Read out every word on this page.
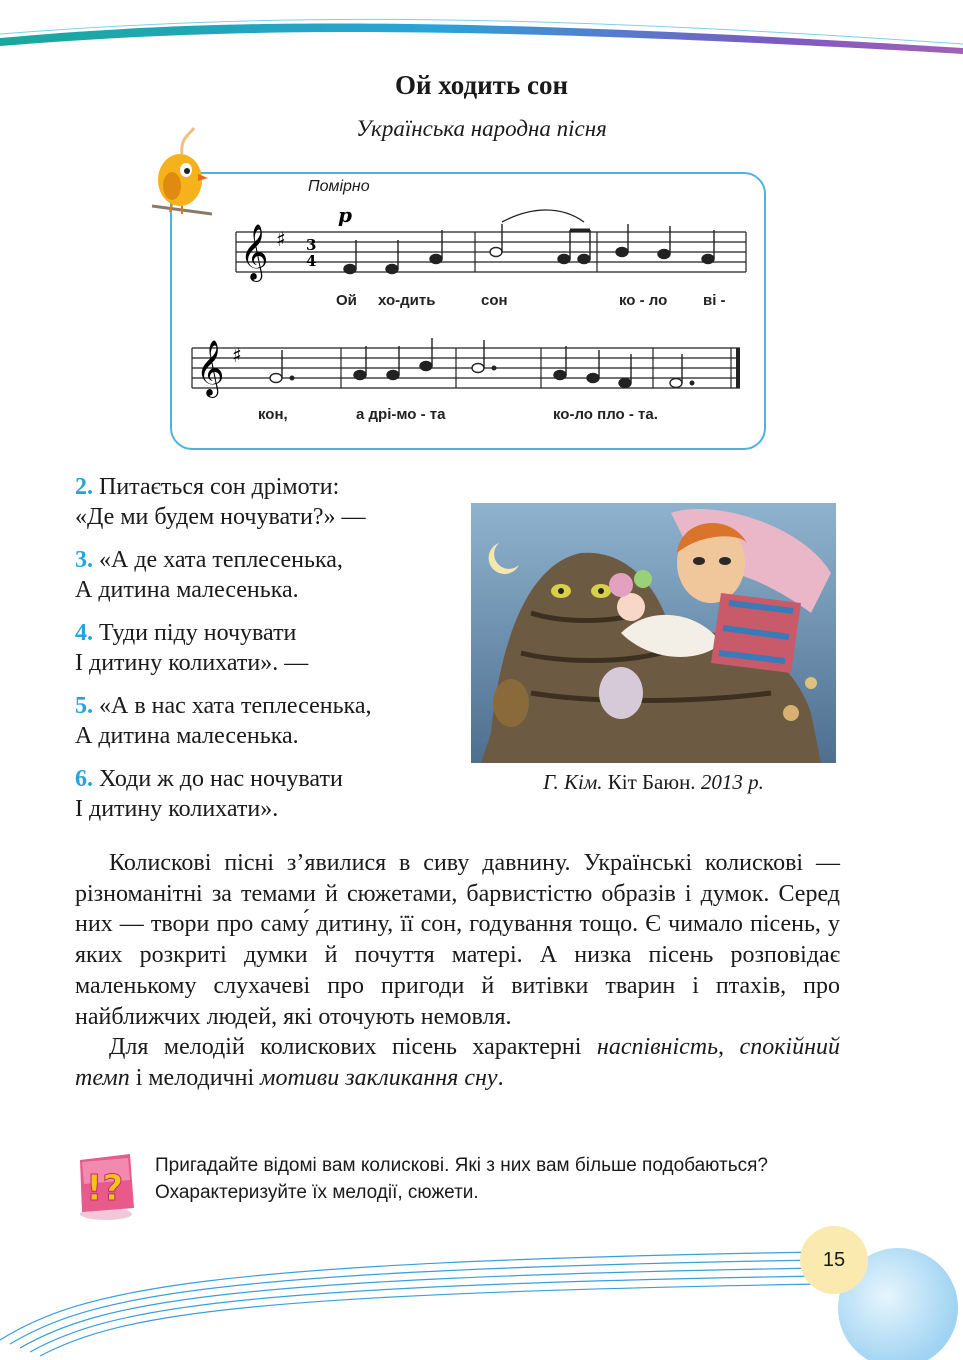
Ой ходить сон
Українська народна пісня
Помірно
𝄞 ♯ 3
4
p
Ой хо-дить	сон	ко - ло ві -
𝄞 ♯
кон,	а дрі-мо - та	ко-ло пло - та.
2. Питається сон дрімоти:
«Де ми будем ночувати?» —
3. «А де хата теплесенька,
А дитина малесенька.
4. Туди піду ночувати
І дитину колихати». —
5. «А в нас хата теплесенька,
А дитина малесенька.
6. Ходи ж до нас ночувати
І дитину колихати».
Г. Кім. Кіт Баюн. 2013 р.

Колискові пісні з’явилися в сиву давнину. Українські колискові — різноманітні за темами й сюжетами, барвистістю образів і думок. Серед них — твори про саму́ дитину, її сон, годування тощо. Є чимало пісень, у яких розкриті думки й почуття матері. А низка пісень розповідає маленькому слухачеві про пригоди й витівки тварин і птахів, про найближчих людей, які оточують немовля.

Для мелодій колискових пісень характерні наспівність, спокійний темп і мелодичні мотиви закликання сну.

!?
Пригадайте відомі вам колискові. Які з них вам більше подобаються? Охарактеризуйте їх мелодії, сюжети.
15
